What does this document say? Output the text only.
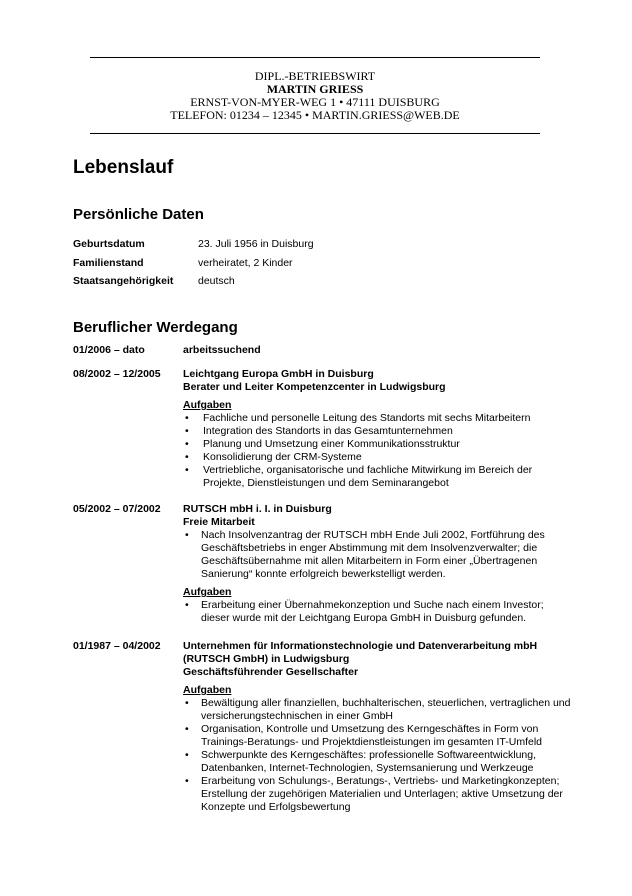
DIPL.-BETRIEBSWIRT
MARTIN GRIESS
ERNST-VON-MYER-WEG 1 • 47111 DUISBURG
TELEFON: 01234 – 12345 • MARTIN.GRIESS@WEB.DE
Lebenslauf
Persönliche Daten
Geburtsdatum	23. Juli 1956 in Duisburg
Familienstand	verheiratet, 2 Kinder
Staatsangehörigkeit deutsch
Beruflicher Werdegang
01/2006 – dato	arbeitssuchend
08/2002 – 12/2005 Leichtgang Europa GmbH in Duisburg
Berater und Leiter Kompetenzcenter in Ludwigsburg
Aufgaben
• Fachliche und personelle Leitung des Standorts mit sechs Mitarbeitern
• Integration des Standorts in das Gesamtunternehmen
• Planung und Umsetzung einer Kommunikationsstruktur
• Konsolidierung der CRM-Systeme
• Vertriebliche, organisatorische und fachliche Mitwirkung im Bereich der Projekte, Dienstleistungen und dem Seminarangebot
05/2002 – 07/2002 RUTSCH mbH i. I. in Duisburg
Freie Mitarbeit
• Nach Insolvenzantrag der RUTSCH mbH Ende Juli 2002, Fortführung des Geschäftsbetriebs in enger Abstimmung mit dem Insolvenzverwalter; die Geschäftsübernahme mit allen Mitarbeitern in Form einer „Übertragenen Sanierung“ konnte erfolgreich bewerkstelligt werden.
Aufgaben
• Erarbeitung einer Übernahmekonzeption und Suche nach einem Investor; dieser wurde mit der Leichtgang Europa GmbH in Duisburg gefunden.
01/1987 – 04/2002 Unternehmen für Informationstechnologie und Datenverarbeitung mbH
(RUTSCH GmbH) in Ludwigsburg
Geschäftsführender Gesellschafter
Aufgaben
• Bewältigung aller finanziellen, buchhalterischen, steuerlichen, vertraglichen und versicherungstechnischen in einer GmbH
• Organisation, Kontrolle und Umsetzung des Kerngeschäftes in Form von Trainings-Beratungs- und Projektdienstleistungen im gesamten IT-Umfeld
• Schwerpunkte des Kerngeschäftes: professionelle Softwareentwicklung, Datenbanken, Internet-Technologien, Systemsanierung und Werkzeuge
• Erarbeitung von Schulungs-, Beratungs-, Vertriebs- und Marketingkonzepten; Erstellung der zugehörigen Materialien und Unterlagen; aktive Umsetzung der Konzepte und Erfolgsbewertung
